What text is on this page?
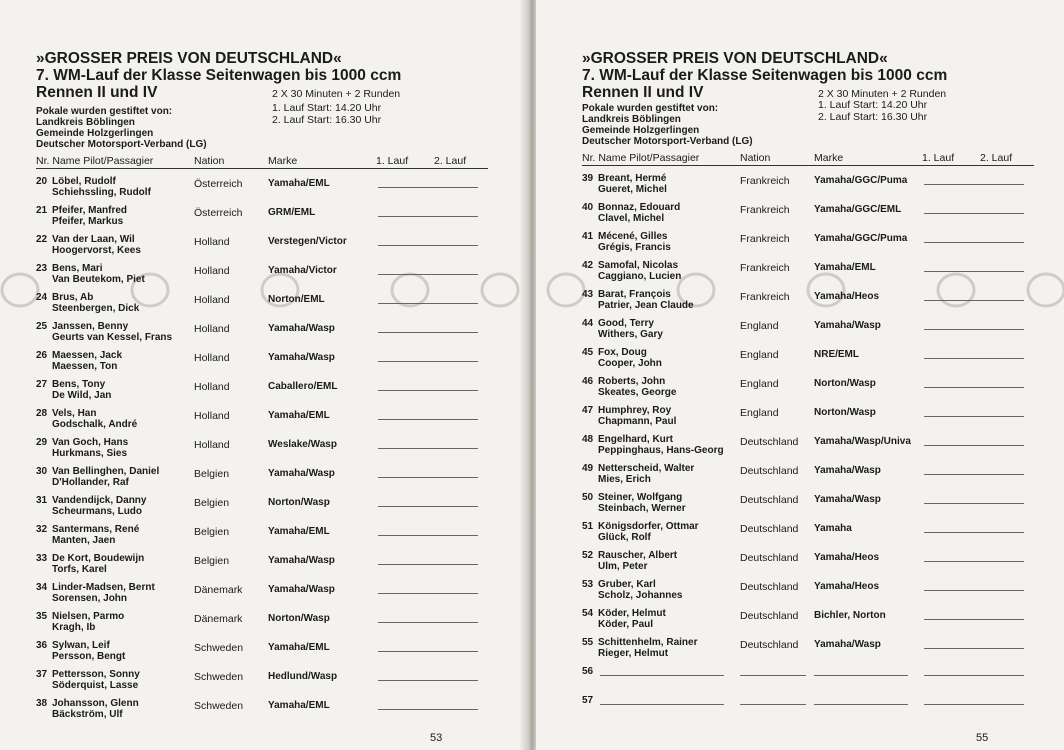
»GROSSER PREIS VON DEUTSCHLAND«
7. WM-Lauf der Klasse Seitenwagen bis 1000 ccm
Rennen II und IV	2 X 30 Minuten + 2 Runden
Pokale wurden gestiftet von:
Landkreis Böblingen
Gemeinde Holzgerlingen
Deutscher Motorsport-Verband (LG)
1. Lauf Start: 14.20 Uhr
2. Lauf Start: 16.30 Uhr
Nr. Name Pilot/Passagier	Nation	Marke	1. Lauf	2. Lauf
20 Löbel, Rudolf
Schiehssling, Rudolf
Österreich	Yamaha/EML
21 Pfeifer, Manfred
Pfeifer, Markus
Österreich	GRM/EML
22 Van der Laan, Wil
Hoogervorst, Kees
Holland	Verstegen/Victor
23 Bens, Mari
Van Beutekom, Piet
Holland	Yamaha/Victor
24 Brus, Ab
Steenbergen, Dick
Holland	Norton/EML
25 Janssen, Benny
Geurts van Kessel, Frans
Holland	Yamaha/Wasp
26 Maessen, Jack
Maessen, Ton
Holland	Yamaha/Wasp
27 Bens, Tony
De Wild, Jan
Holland	Caballero/EML
28 Vels, Han
Godschalk, André
Holland	Yamaha/EML
29 Van Goch, Hans
Hurkmans, Sies
Holland	Weslake/Wasp
30 Van Bellinghen, Daniel
D'Hollander, Raf
Belgien	Yamaha/Wasp
31 Vandendijck, Danny
Scheurmans, Ludo
Belgien	Norton/Wasp
32 Santermans, René
Manten, Jaen
Belgien	Yamaha/EML
33 De Kort, Boudewijn
Torfs, Karel
Belgien	Yamaha/Wasp
34 Linder-Madsen, Bernt
Sorensen, John
Dänemark	Yamaha/Wasp
35 Nielsen, Parmo
Kragh, Ib
Dänemark	Norton/Wasp
36 Sylwan, Leif
Persson, Bengt
Schweden Yamaha/EML
37 Pettersson, Sonny
Söderquist, Lasse
Schweden Hedlund/Wasp
38 Johansson, Glenn
Bäckström, Ulf
Schweden Yamaha/EML
53
»GROSSER PREIS VON DEUTSCHLAND«
7. WM-Lauf der Klasse Seitenwagen bis 1000 ccm
Rennen II und IV	2 X 30 Minuten + 2 Runden
Pokale wurden gestiftet von:
Landkreis Böblingen
Gemeinde Holzgerlingen
Deutscher Motorsport-Verband (LG)
1. Lauf Start: 14.20 Uhr
2. Lauf Start: 16.30 Uhr
Nr. Name Pilot/Passagier	Nation	Marke	1. Lauf	2. Lauf
39 Breant, Hermé
Gueret, Michel
Frankreich Yamaha/GGC/Puma
40 Bonnaz, Edouard
Clavel, Michel
Frankreich Yamaha/GGC/EML
41 Mécené, Gilles
Grégis, Francis
Frankreich Yamaha/GGC/Puma
42 Samofal, Nicolas
Caggiano, Lucien
Frankreich Yamaha/EML
43 Barat, François
Patrier, Jean Claude
Frankreich Yamaha/Heos
44 Good, Terry
Withers, Gary
England	Yamaha/Wasp
45 Fox, Doug
Cooper, John
England	NRE/EML
46 Roberts, John
Skeates, George
England	Norton/Wasp
47 Humphrey, Roy
Chapmann, Paul
England	Norton/Wasp
48 Engelhard, Kurt
Peppinghaus, Hans-Georg
Deutschland Yamaha/Wasp/Univa
49 Netterscheid, Walter
Mies, Erich
Deutschland Yamaha/Wasp
50 Steiner, Wolfgang
Steinbach, Werner
Deutschland Yamaha/Wasp
51 Königsdorfer, Ottmar
Glück, Rolf
Deutschland Yamaha
52 Rauscher, Albert
Ulm, Peter
Deutschland Yamaha/Heos
53 Gruber, Karl
Scholz, Johannes
Deutschland Yamaha/Heos
54 Köder, Helmut
Köder, Paul
Deutschland Bichler, Norton
55 Schittenhelm, Rainer
Rieger, Helmut
Deutschland Yamaha/Wasp
56
57
55
